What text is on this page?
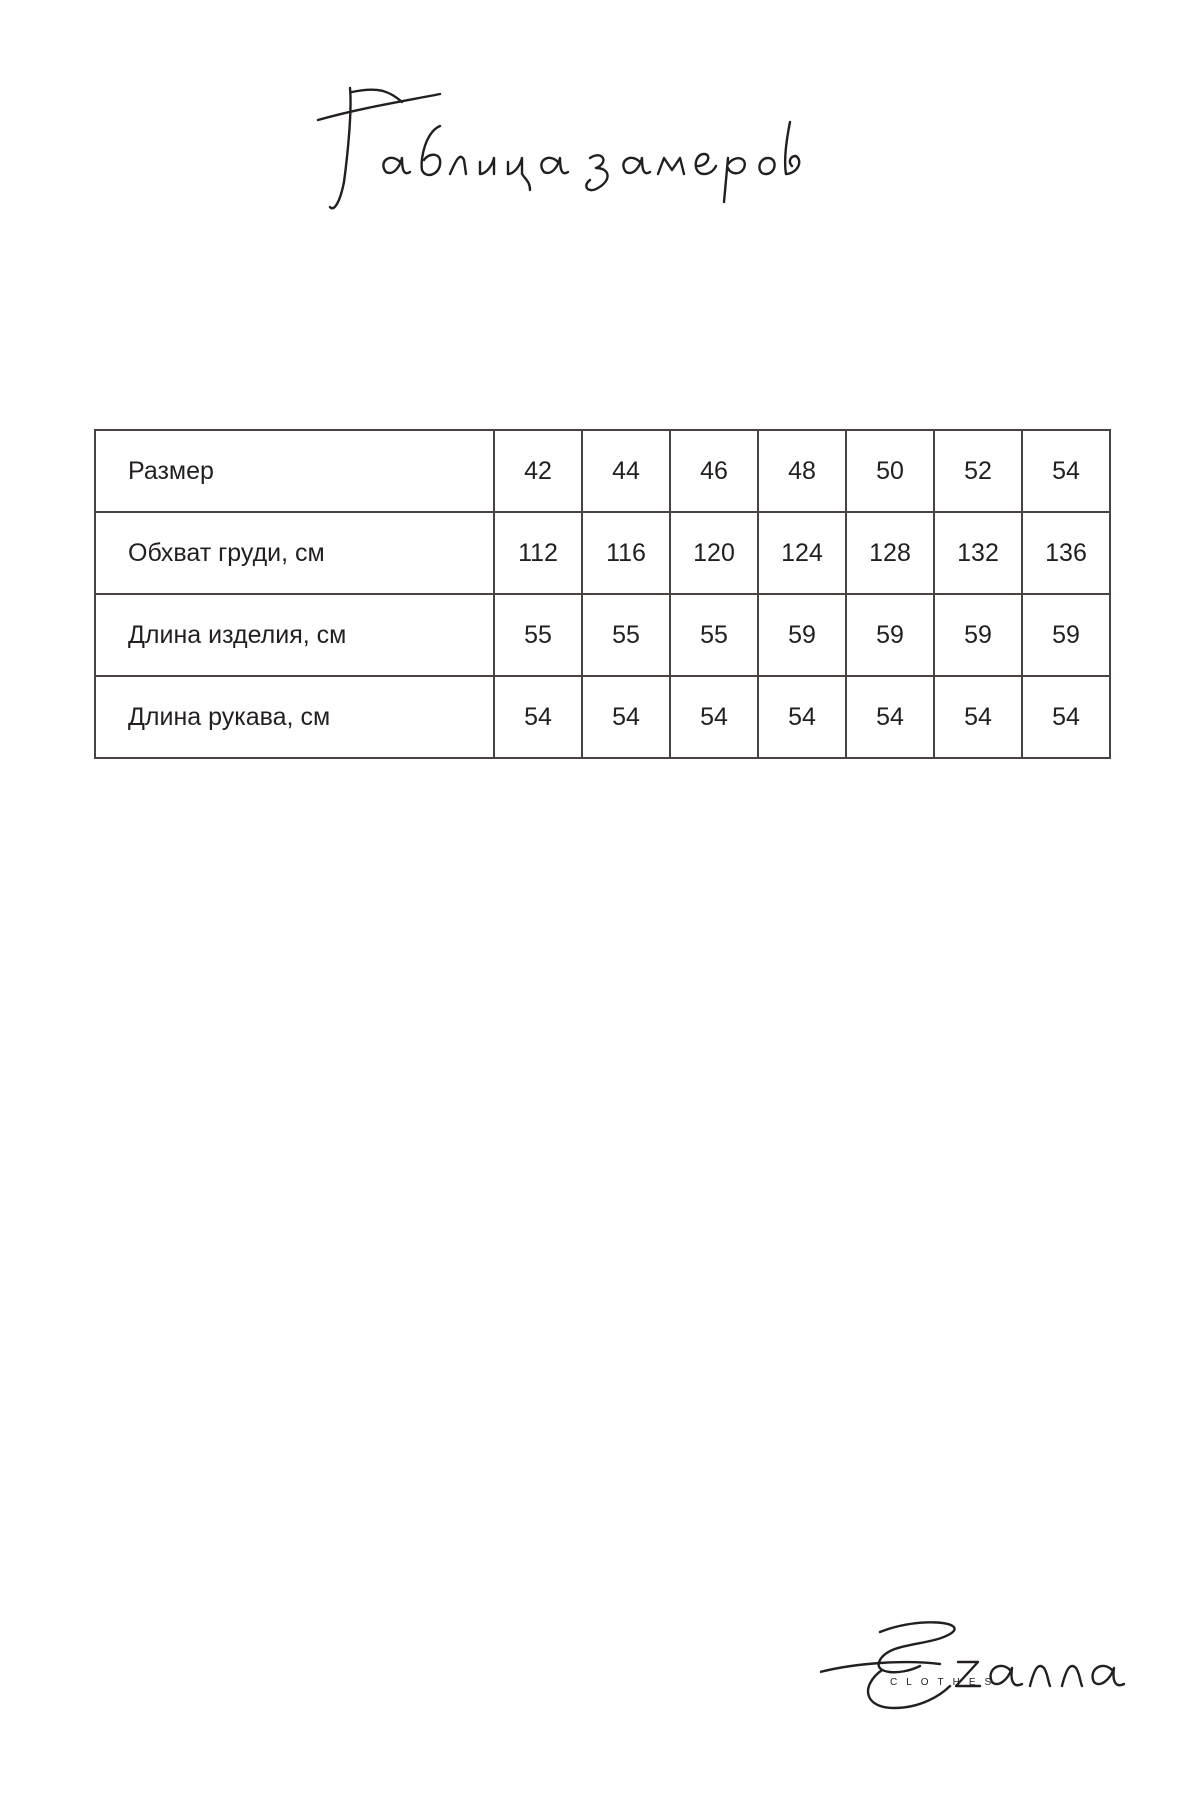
Размер	42	44	46	48	50	52	54
Обхват груди, см	112	116	120	124	128	132	136
Длина изделия, см	55	55	55	59	59	59	59
Длина рукава, см	54	54	54	54	54	54	54
CLOTHES
